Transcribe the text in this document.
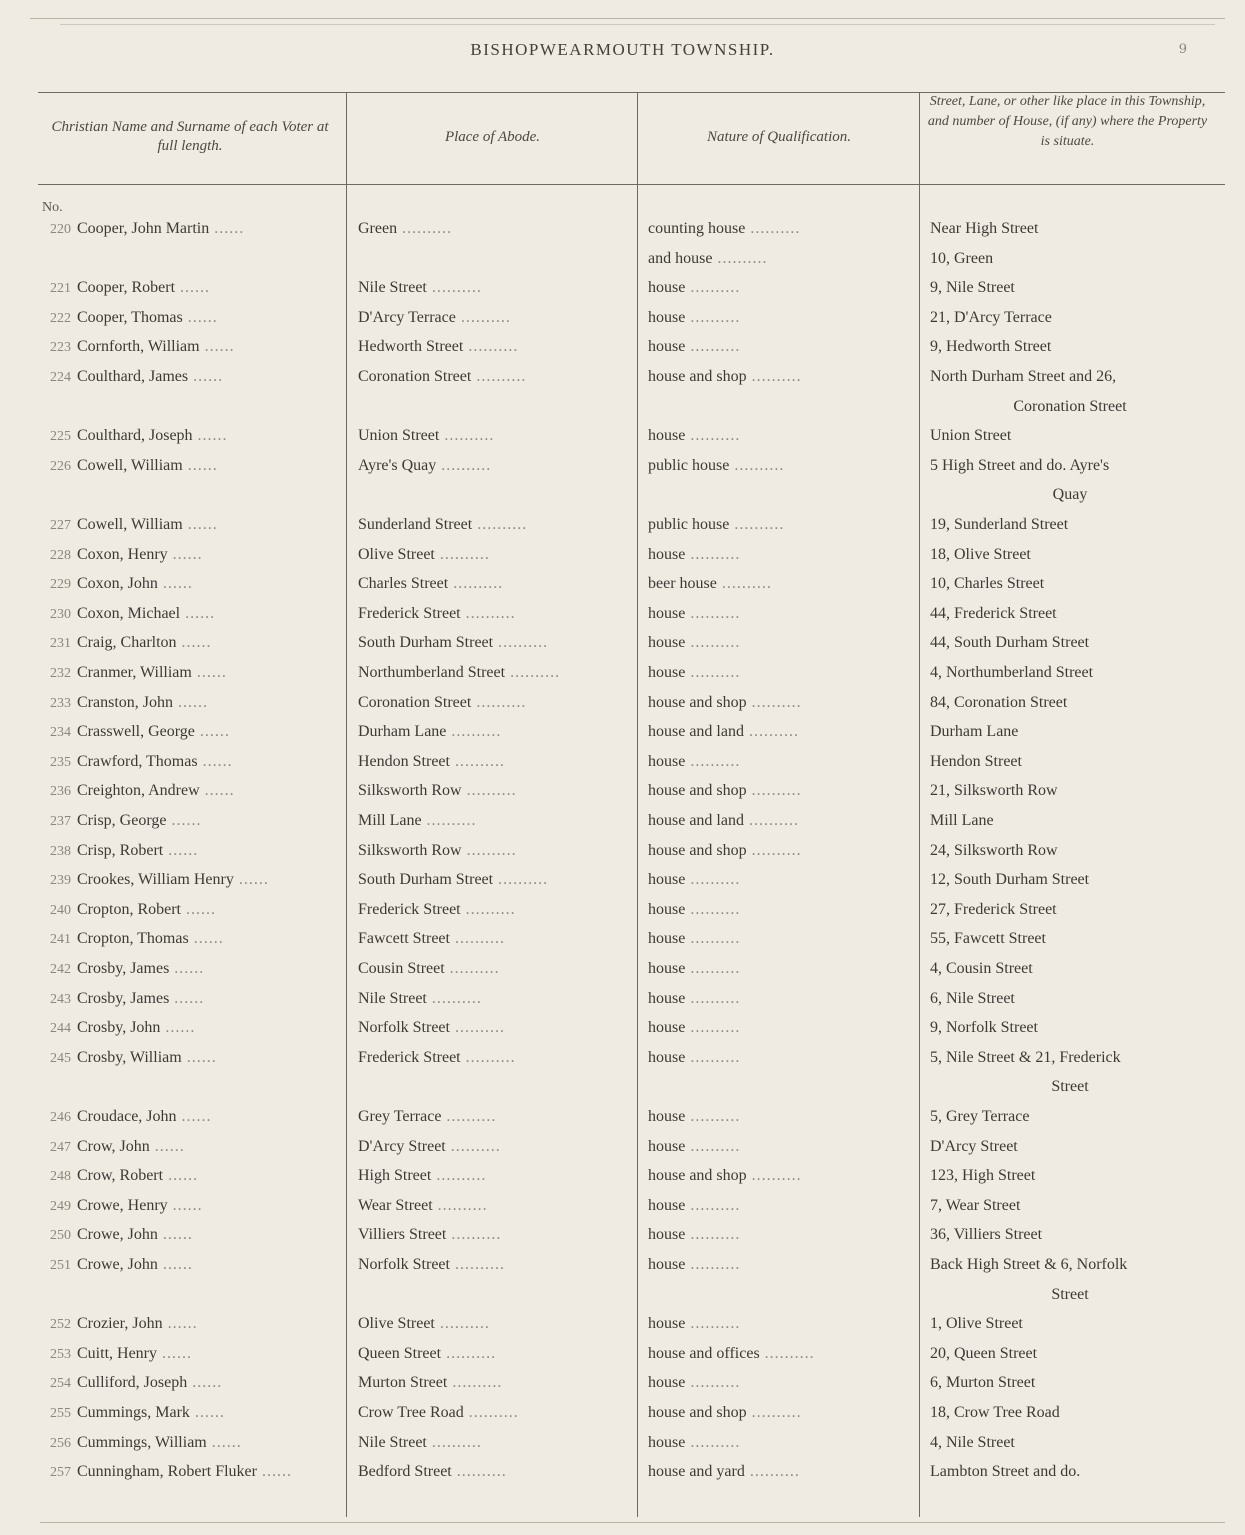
BISHOPWEARMOUTH TOWNSHIP.	9
Christian Name and Surname of each Voter at full length.
Place of Abode.	Nature of Qualification.
Street, Lane, or other like place in this Township, and number of House, (if any) where the Property is situate.
No.
220 Cooper, John Martin ......	Green ..........	counting house ..........	Near High Street
and house ..........	10, Green
221 Cooper, Robert ......	Nile Street ..........	house ..........	9, Nile Street
222 Cooper, Thomas ......	D'Arcy Terrace ..........	house ..........	21, D'Arcy Terrace
223 Cornforth, William ......	Hedworth Street ..........	house ..........	9, Hedworth Street
224 Coulthard, James ......	Coronation Street ..........	house and shop ..........	North Durham Street and 26,
Coronation Street
225 Coulthard, Joseph ......	Union Street ..........	house ..........	Union Street
226 Cowell, William ......	Ayre's Quay ..........	public house ..........	5 High Street and do. Ayre's
Quay
227 Cowell, William ......	Sunderland Street ..........	public house ..........	19, Sunderland Street
228 Coxon, Henry ......	Olive Street ..........	house ..........	18, Olive Street
229 Coxon, John ......	Charles Street ..........	beer house ..........	10, Charles Street
230 Coxon, Michael ......	Frederick Street ..........	house ..........	44, Frederick Street
231 Craig, Charlton ......	South Durham Street ..........	house ..........	44, South Durham Street
232 Cranmer, William ......	Northumberland Street ..........	house ..........	4, Northumberland Street
233 Cranston, John ......	Coronation Street ..........	house and shop ..........	84, Coronation Street
234 Crasswell, George ......	Durham Lane ..........	house and land ..........	Durham Lane
235 Crawford, Thomas ......	Hendon Street ..........	house ..........	Hendon Street
236 Creighton, Andrew ......	Silksworth Row ..........	house and shop ..........	21, Silksworth Row
237 Crisp, George ......	Mill Lane ..........	house and land ..........	Mill Lane
238 Crisp, Robert ......	Silksworth Row ..........	house and shop ..........	24, Silksworth Row
239 Crookes, William Henry ......	South Durham Street ..........	house ..........	12, South Durham Street
240 Cropton, Robert ......	Frederick Street ..........	house ..........	27, Frederick Street
241 Cropton, Thomas ......	Fawcett Street ..........	house ..........	55, Fawcett Street
242 Crosby, James ......	Cousin Street ..........	house ..........	4, Cousin Street
243 Crosby, James ......	Nile Street ..........	house ..........	6, Nile Street
244 Crosby, John ......	Norfolk Street ..........	house ..........	9, Norfolk Street
245 Crosby, William ......	Frederick Street ..........	house ..........	5, Nile Street & 21, Frederick
Street
246 Croudace, John ......	Grey Terrace ..........	house ..........	5, Grey Terrace
247 Crow, John ......	D'Arcy Street ..........	house ..........	D'Arcy Street
248 Crow, Robert ......	High Street ..........	house and shop ..........	123, High Street
249 Crowe, Henry ......	Wear Street ..........	house ..........	7, Wear Street
250 Crowe, John ......	Villiers Street ..........	house ..........	36, Villiers Street
251 Crowe, John ......	Norfolk Street ..........	house ..........	Back High Street & 6, Norfolk
Street
252 Crozier, John ......	Olive Street ..........	house ..........	1, Olive Street
253 Cuitt, Henry ......	Queen Street ..........	house and offices ..........	20, Queen Street
254 Culliford, Joseph ......	Murton Street ..........	house ..........	6, Murton Street
255 Cummings, Mark ......	Crow Tree Road ..........	house and shop ..........	18, Crow Tree Road
256 Cummings, William ......	Nile Street ..........	house ..........	4, Nile Street
257 Cunningham, Robert Fluker ......	Bedford Street ..........	house and yard ..........	Lambton Street and do.
